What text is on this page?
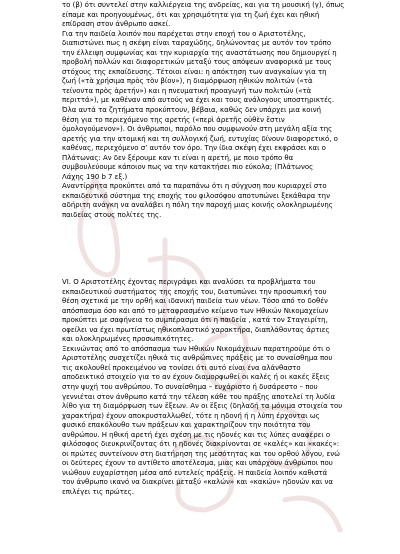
το (β) ότι συντελεί στην καλλιέργεια της ανδρείας, και για τη μουσική (γ), όπως
είπαμε και προηγουμένως, ότι και χρησιμότητα για τη ζωή έχει και ηθική
επίδραση στον άνθρωπο ασκεί.
Για την παιδεία λοιπόν που παρέχεται στην εποχή του ο Αριστοτέλης,
διαπιστώνει πως η σκέψη είναι ταραχώδης, δηλώνοντας με αυτόν τον τρόπο
την έλλειψη συμφωνίας και την κυριαρχία της αναστάτωσης που δημιουργεί η
προβολή πολλών και διαφορετικών μεταξύ τους απόψεων αναφορικά με τους
στόχους της εκπαίδευσης. Τέτοιοι είναι: η απόκτηση των αναγκαίων για τη
ζωή («τὰ χρήσιμα πρὸς τὸν βίον»), η διαμόρφωση ηθικών πολιτών («τὰ
τείνοντα πρὸς ἀρετήν») και η πνευματική προαγωγή των πολιτών («τὰ
περιττά»), με καθέναν από αυτούς να έχει και τους ανάλογους υποστηρικτές.
Όλα αυτά τα ζητήματα προκύπτουν, βέβαια, καθώς δεν υπάρχει μια κοινή
θέση για το περιεχόμενο της αρετής («περὶ ἀρετῆς οὐθὲν ἔστιν
ὁμολογούμενον»). Οι άνθρωποι, παρόλο που συμφωνούν στη μεγάλη αξία της
αρετής για την ατομική και τη συλλογική ζωή, ευτυχίας δίνουν διαφορετικό, ο
καθένας, περιεχόμενο σ’ αυτόν τον όρο. Την ίδια σκέψη έχει εκφράσει και ο
Πλάτωνας: Αν δεν ξέρουμε καν τι είναι η αρετή, με ποιο τρόπο θα
συμβουλεύουμε κάποιον πως να την κατακτήσει πιο εύκολα; (Πλάτωνος
Λάχης 190 b 7 εξ.)
Αναντίρρητα προκύπτει από τα παραπάνω ότι η σύγχυση που κυριαρχεί στο
εκπαιδευτικό σύστημα της εποχής του φιλοσόφου αποτυπώνει ξεκάθαρα την
αδήριτη ανάγκη να αναλάβει η πόλη την παροχή μιας κοινής ολοκληρωμένης
παιδείας στους πολίτες της.
VI. Ο Αριστοτέλης έχοντας περιγράψει και αναλύσει τα προβλήματα του
εκπαιδευτικού συστήματος της εποχής του, διατυπώνει την προσωπική του
θέση σχετικά με την ορθή και ιδανική παιδεία των νέων. Τόσο από το δοθέν
απόσπασμα όσο και από το μεταφρασμένο κείμενο των Ηθικών Νικομαχείων
προκύπτει με σαφήνεια το συμπέρασμα ότι η παιδεία , κατά τον Σταγειρίτη,
οφείλει να έχει πρωτίστως ηθικοπλαστικό χαρακτήρα, διαπλάθοντας άρτιες
και ολοκληρωμένες προσωπικότητες.
Ξεκινώντας από το απόσπασμα των Ηθικών Νικομάχειων παρατηρούμε ότι ο
Αριστοτέλης συσχετίζει ηθικά τις ανθρώπινες πράξεις με το συναίσθημα που
τις ακολουθεί προκειμένου να τονίσει ότι αυτό είναι ένα αλάνθαστο
αποδεικτικό στοιχείο για το αν έχουν διαμορφωθεί οι καλές ή οι κακές ἕξεις
στην ψυχή του ανθρώπου. Το συναίσθημα – ευχάριστο ή δυσάρεστο – που
γεννιέται στον άνθρωπο κατά την τέλεση κάθε του πράξης αποτελεί τη λυδία
λίθο για τη διαμόρφωση των ἕξεων. Αν οι ἕξεις (δηλαδή τα μόνιμα στοιχεία του
χαρακτήρα) έχουν αποκρυσταλλωθεί, τότε η ηδονή ή η λύπη έρχονται ως
φυσικό επακόλουθο των πράξεων και χαρακτηρίζουν την ποιότητα του
ανθρώπου. Η ηθική αρετή έχει σχέση με τις ηδονές και τις λύπες αναφέρει ο
φιλόσοφος διευκρινίζοντας ότι η ηδονές διακρίνονται σε «καλές» και «κακές»:
οι πρώτες συντείνουν στη διατήρηση της μεσότητας και του ορθού λόγου, ενώ
οι δεύτερες έχουν το αντίθετο αποτέλεσμα, μιας και υπάρχουν άνθρωποι που
νιώθουν ευχαρίστηση μέσα από ευτελείς πράξεις. Η παιδεία λοιπόν καθιστά
τον άνθρωπο ικανό να διακρίνει μεταξύ «καλών» και «κακών» ηδονών και να
επιλέγει τις πρώτες.
